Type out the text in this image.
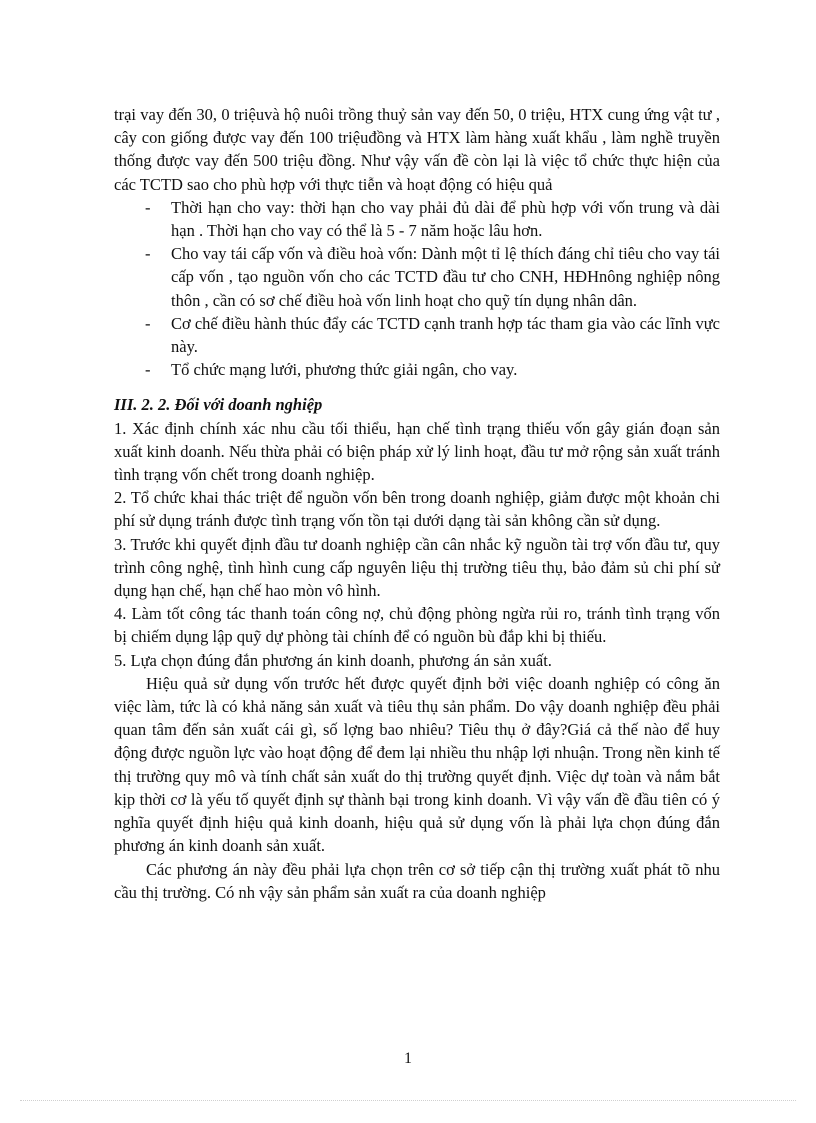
trại vay đến 30, 0 triệuvà hộ nuôi trồng thuỷ sản vay đến 50, 0 triệu, HTX cung ứng vật tư , cây con giống được vay đến 100 triệuđồng và HTX làm hàng xuất khẩu , làm nghề truyền thống được vay đến 500 triệu đồng. Như vậy vấn đề còn lại là việc tổ chức thực hiện của các TCTD sao cho phù hợp với thực tiễn và hoạt động có hiệu quả

- Thời hạn cho vay: thời hạn cho vay phải đủ dài để phù hợp với vốn trung và dài hạn . Thời hạn cho vay có thể là 5 - 7 năm hoặc lâu hơn.
- Cho vay tái cấp vốn và điều hoà vốn: Dành một tỉ lệ thích đáng chỉ tiêu cho vay tái cấp vốn , tạo nguồn vốn cho các TCTD đầu tư cho CNH, HĐHnông nghiệp nông thôn , cần có sơ chế điều hoà vốn linh hoạt cho quỹ tín dụng nhân dân.
- Cơ chế điều hành thúc đẩy các TCTD cạnh tranh hợp tác tham gia vào các lĩnh vực này.
- Tổ chức mạng lưới, phương thức giải ngân, cho vay.

III. 2. 2. Đối với doanh nghiệp

1. Xác định chính xác nhu cầu tối thiểu, hạn chế tình trạng thiếu vốn gây gián đoạn sản xuất kinh doanh. Nếu thừa phải có biện pháp xử lý linh hoạt, đầu tư mở rộng sản xuất tránh tình trạng vốn chết trong doanh nghiệp.

2. Tổ chức khai thác triệt để nguồn vốn bên trong doanh nghiệp, giảm được một khoản chi phí sử dụng tránh được tình trạng vốn tồn tại dưới dạng tài sản không cần sử dụng.

3. Trước khi quyết định đầu tư doanh nghiệp cần cân nhắc kỹ nguồn tài trợ vốn đầu tư, quy trình công nghệ, tình hình cung cấp nguyên liệu thị trường tiêu thụ, bảo đảm sủ chi phí sử dụng hạn chế, hạn chế hao mòn vô hình.

4. Làm tốt công tác thanh toán công nợ, chủ động phòng ngừa rủi ro, tránh tình trạng vốn bị chiếm dụng lập quỹ dự phòng tài chính để có nguồn bù đắp khi bị thiếu.

5. Lựa chọn đúng đắn phương án kinh doanh, phương án sản xuất.

Hiệu quả sử dụng vốn trước hết được quyết định bởi việc doanh nghiệp có công ăn việc làm, tức là có khả năng sản xuất và tiêu thụ sản phẩm. Do vậy doanh nghiệp đều phải quan tâm đến sản xuất cái gì, số lợng bao nhiêu? Tiêu thụ ở đây?Giá cả thế nào để huy động được nguồn lực vào hoạt động để đem lại nhiều thu nhập lợi nhuận. Trong nền kinh tế thị trường quy mô và tính chất sản xuất do thị trường quyết định. Việc dự toàn và nắm bắt kịp thời cơ là yếu tố quyết định sự thành bại trong kinh doanh. Vì vậy vấn đề đầu tiên có ý nghĩa quyết định hiệu quả kinh doanh, hiệu quả sử dụng vốn là phải lựa chọn đúng đắn phương án kinh doanh sản xuất.

Các phương án này đều phải lựa chọn trên cơ sở tiếp cận thị trường xuất phát tõ nhu cầu thị trường. Có nh vậy sản phẩm sản xuất ra của doanh nghiệp

1
